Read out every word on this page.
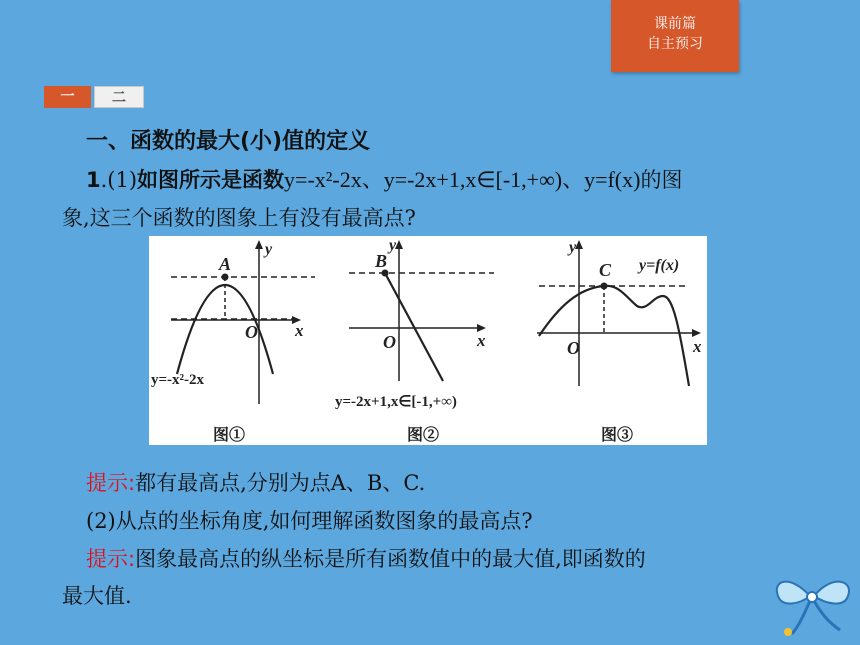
课前篇
自主预习
一	二
一、函数的最大(小)值的定义
1.(1)如图所示是函数y=-x²-2x、y=-2x+1,x∈[-1,+∞)、y=f(x)的图
象,这三个函数的图象上有没有最高点?
A
y
x
O
y=-x²-2x
图①
B
y
x
O
y=-2x+1,x∈[-1,+∞)
图②
C
y
x
O
y=f(x)
图③
提示:都有最高点,分别为点A、B、C.
(2)从点的坐标角度,如何理解函数图象的最高点?
提示:图象最高点的纵坐标是所有函数值中的最大值,即函数的
最大值.
